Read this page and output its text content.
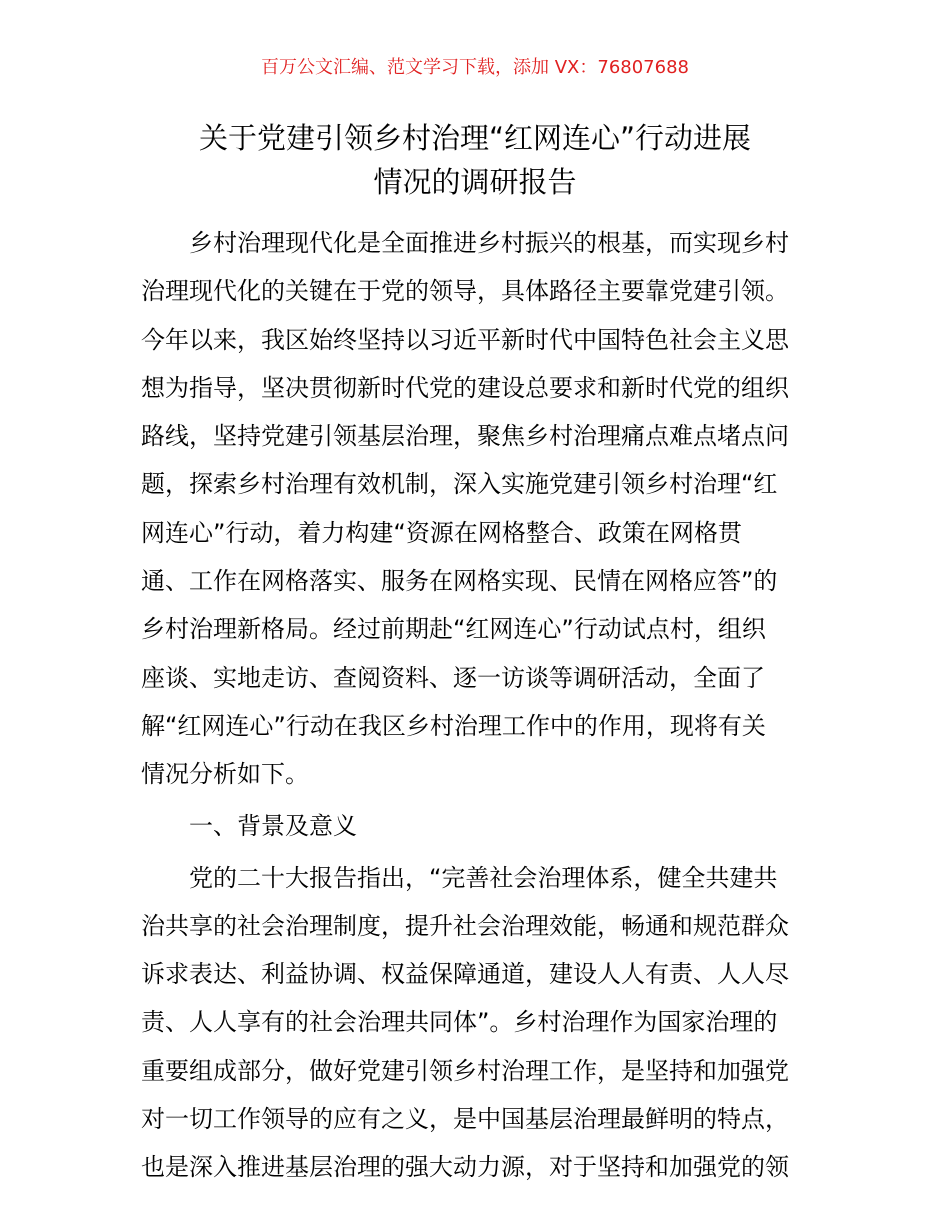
百万公文汇编、范文学习下载，添加 VX：76807688
关于党建引领乡村治理“红网连心”行动进展
情况的调研报告
乡村治理现代化是全面推进乡村振兴的根基，而实现乡村
治理现代化的关键在于党的领导，具体路径主要靠党建引领。
今年以来，我区始终坚持以习近平新时代中国特色社会主义思
想为指导，坚决贯彻新时代党的建设总要求和新时代党的组织
路线，坚持党建引领基层治理，聚焦乡村治理痛点难点堵点问
题，探索乡村治理有效机制，深入实施党建引领乡村治理“红
网连心”行动，着力构建“资源在网格整合、政策在网格贯
通、工作在网格落实、服务在网格实现、民情在网格应答”的
乡村治理新格局。经过前期赴“红网连心”行动试点村，组织
座谈、实地走访、查阅资料、逐一访谈等调研活动，全面了
解“红网连心”行动在我区乡村治理工作中的作用，现将有关
情况分析如下。
一、背景及意义
党的二十大报告指出，“完善社会治理体系，健全共建共
治共享的社会治理制度，提升社会治理效能，畅通和规范群众
诉求表达、利益协调、权益保障通道，建设人人有责、人人尽
责、人人享有的社会治理共同体”。乡村治理作为国家治理的
重要组成部分，做好党建引领乡村治理工作，是坚持和加强党
对一切工作领导的应有之义，是中国基层治理最鲜明的特点，
也是深入推进基层治理的强大动力源，对于坚持和加强党的领
